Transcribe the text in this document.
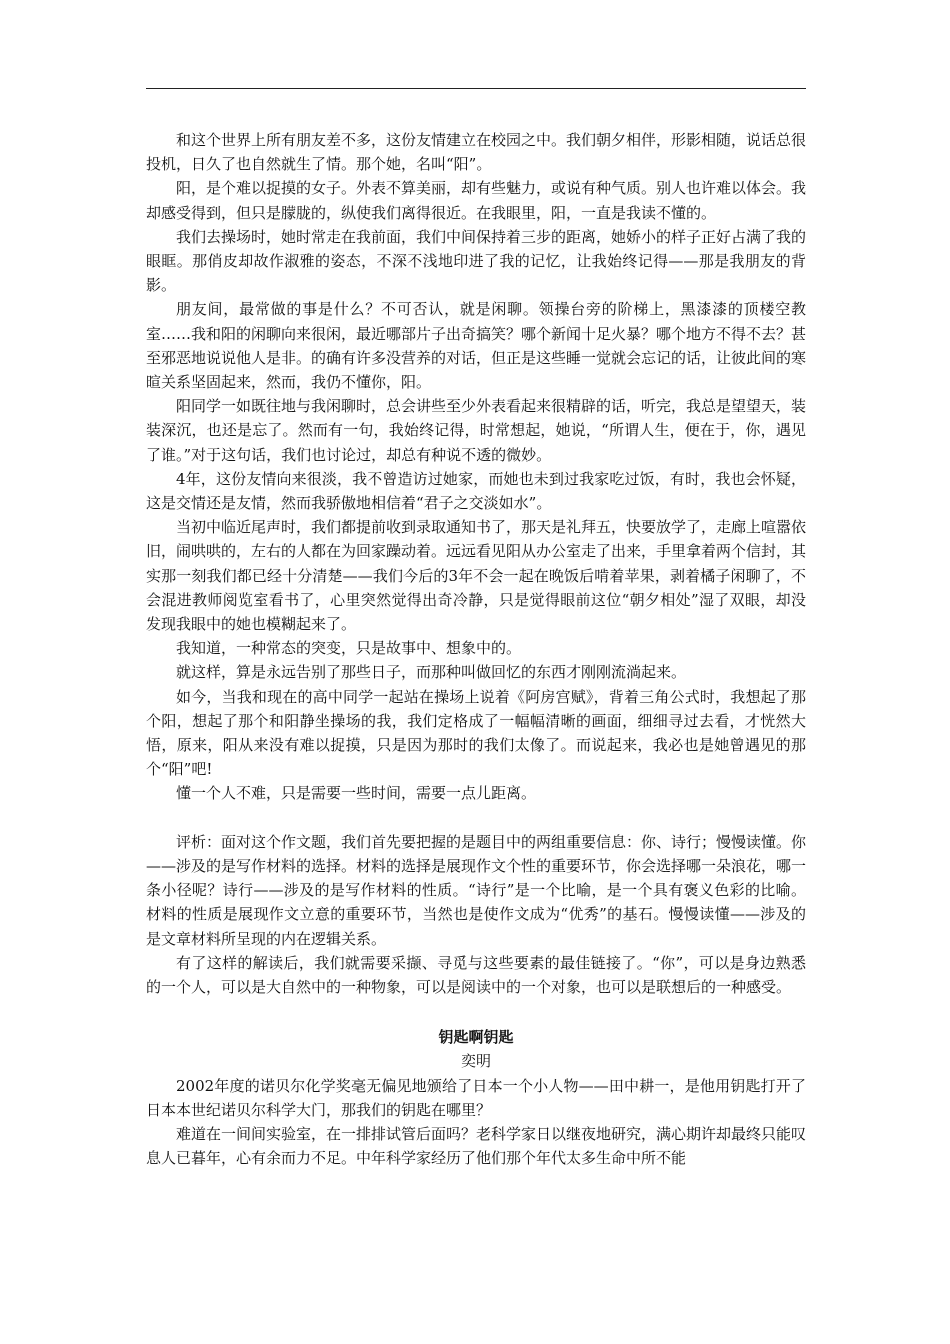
和这个世界上所有朋友差不多，这份友情建立在校园之中。我们朝夕相伴，形影相随，说话总很投机，日久了也自然就生了情。那个她，名叫“阳”。

阳，是个难以捉摸的女子。外表不算美丽，却有些魅力，或说有种气质。别人也许难以体会。我却感受得到，但只是朦胧的，纵使我们离得很近。在我眼里，阳，一直是我读不懂的。

我们去操场时，她时常走在我前面，我们中间保持着三步的距离，她娇小的样子正好占满了我的眼眶。那俏皮却故作淑雅的姿态，不深不浅地印进了我的记忆，让我始终记得——那是我朋友的背影。

朋友间，最常做的事是什么？不可否认，就是闲聊。领操台旁的阶梯上，黑漆漆的顶楼空教室……我和阳的闲聊向来很闲，最近哪部片子出奇搞笑？哪个新闻十足火暴？哪个地方不得不去？甚至邪恶地说说他人是非。的确有许多没营养的对话，但正是这些睡一觉就会忘记的话，让彼此间的寒暄关系坚固起来，然而，我仍不懂你，阳。

阳同学一如既往地与我闲聊时，总会讲些至少外表看起来很精辟的话，听完，我总是望望天，装装深沉，也还是忘了。然而有一句，我始终记得，时常想起，她说，“所谓人生，便在于，你，遇见了谁。”对于这句话，我们也讨论过，却总有种说不透的微妙。

4年，这份友情向来很淡，我不曾造访过她家，而她也未到过我家吃过饭，有时，我也会怀疑，这是交情还是友情，然而我骄傲地相信着“君子之交淡如水”。

当初中临近尾声时，我们都提前收到录取通知书了，那天是礼拜五，快要放学了，走廊上喧嚣依旧，闹哄哄的，左右的人都在为回家躁动着。远远看见阳从办公室走了出来，手里拿着两个信封，其实那一刻我们都已经十分清楚——我们今后的3年不会一起在晚饭后啃着苹果，剥着橘子闲聊了，不会混进教师阅览室看书了，心里突然觉得出奇冷静，只是觉得眼前这位“朝夕相处”湿了双眼，却没发现我眼中的她也模糊起来了。

我知道，一种常态的突变，只是故事中、想象中的。

就这样，算是永远告别了那些日子，而那种叫做回忆的东西才刚刚流淌起来。

如今，当我和现在的高中同学一起站在操场上说着《阿房宫赋》，背着三角公式时，我想起了那个阳，想起了那个和阳静坐操场的我，我们定格成了一幅幅清晰的画面，细细寻过去看，才恍然大悟，原来，阳从来没有难以捉摸，只是因为那时的我们太像了。而说起来，我必也是她曾遇见的那个“阳”吧!

懂一个人不难，只是需要一些时间，需要一点儿距离。

评析：面对这个作文题，我们首先要把握的是题目中的两组重要信息：你、诗行；慢慢读懂。你——涉及的是写作材料的选择。材料的选择是展现作文个性的重要环节，你会选择哪一朵浪花，哪一条小径呢？诗行——涉及的是写作材料的性质。“诗行”是一个比喻，是一个具有褒义色彩的比喻。材料的性质是展现作文立意的重要环节，当然也是使作文成为“优秀”的基石。慢慢读懂——涉及的是文章材料所呈现的内在逻辑关系。

有了这样的解读后，我们就需要采撷、寻觅与这些要素的最佳链接了。“你”，可以是身边熟悉的一个人，可以是大自然中的一种物象，可以是阅读中的一个对象，也可以是联想后的一种感受。

钥匙啊钥匙

奕明

2002年度的诺贝尔化学奖毫无偏见地颁给了日本一个小人物——田中耕一，是他用钥匙打开了日本本世纪诺贝尔科学大门，那我们的钥匙在哪里？

难道在一间间实验室，在一排排试管后面吗？老科学家日以继夜地研究，满心期许却最终只能叹息人已暮年，心有余而力不足。中年科学家经历了他们那个年代太多生命中所不能
